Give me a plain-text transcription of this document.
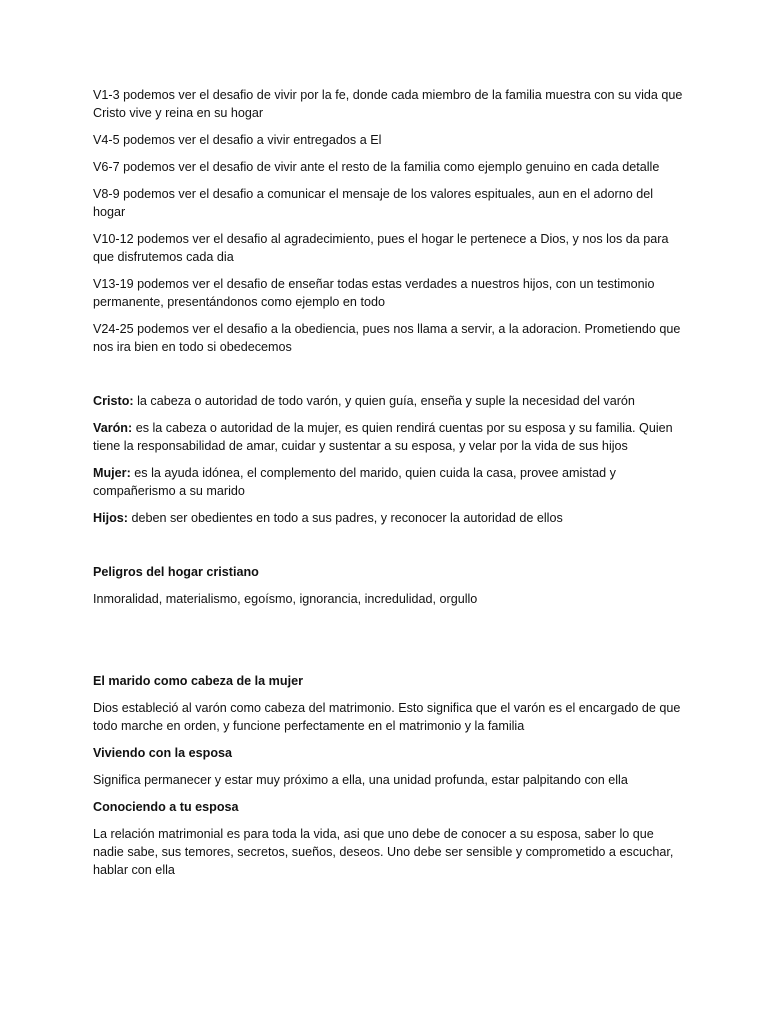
V1-3 podemos ver el desafio de vivir por la fe, donde cada miembro de la familia muestra con su vida que Cristo vive y reina en su hogar

V4-5 podemos ver el desafio a vivir entregados a El

V6-7 podemos ver el desafio de vivir ante el resto de la familia como ejemplo genuino en cada detalle

V8-9 podemos ver el desafio a comunicar el mensaje de los valores espituales, aun en el adorno del hogar

V10-12 podemos ver el desafio al agradecimiento, pues el hogar le pertenece a Dios, y nos los da para que disfrutemos cada dia

V13-19 podemos ver el desafio de enseñar todas estas verdades a nuestros hijos, con un testimonio permanente, presentándonos como ejemplo en todo

V24-25 podemos ver el desafio a la obediencia, pues nos llama a servir, a la adoracion. Prometiendo que nos ira bien en todo si obedecemos

Cristo: la cabeza o autoridad de todo varón, y quien guía, enseña y suple la necesidad del varón

Varón: es la cabeza o autoridad de la mujer, es quien rendirá cuentas por su esposa y su familia. Quien tiene la responsabilidad de amar, cuidar y sustentar a su esposa, y velar por la vida de sus hijos

Mujer: es la ayuda idónea, el complemento del marido, quien cuida la casa, provee amistad y compañerismo a su marido

Hijos: deben ser obedientes en todo a sus padres, y reconocer la autoridad de ellos

Peligros del hogar cristiano

Inmoralidad, materialismo, egoísmo, ignorancia, incredulidad, orgullo

El marido como cabeza de la mujer

Dios estableció al varón como cabeza del matrimonio. Esto significa que el varón es el encargado de que todo marche en orden, y funcione perfectamente en el matrimonio y la familia

Viviendo con la esposa

Significa permanecer y estar muy próximo a ella, una unidad profunda, estar palpitando con ella

Conociendo a tu esposa

La relación matrimonial es para toda la vida, asi que uno debe de conocer a su esposa, saber lo que nadie sabe, sus temores, secretos, sueños, deseos. Uno debe ser sensible y comprometido a escuchar, hablar con ella
